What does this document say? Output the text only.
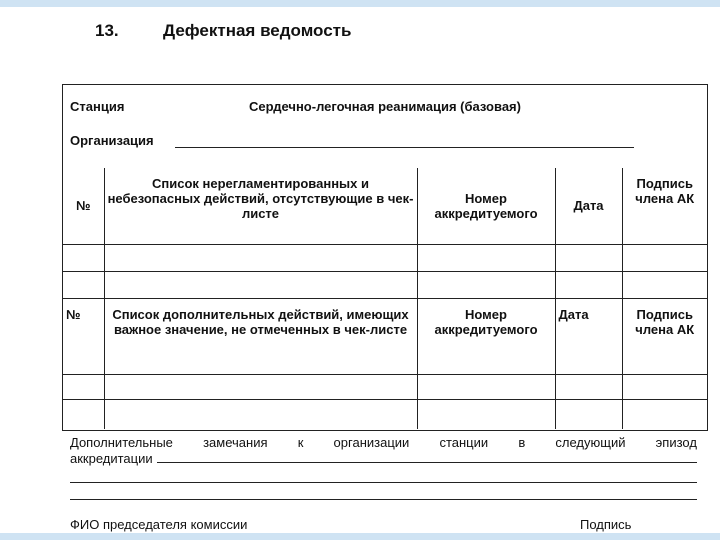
13.	Дефектная ведомость
Станция	Сердечно-легочная реанимация (базовая)
Организация
№	Список нерегламентированных и небезопасных действий, отсутствующие в чек-листе	Номер аккредитуемого	Дата	Подпись члена АК

№	Список дополнительных действий, имеющих важное значение, не отмеченных в чек-листе	Номер аккредитуемого	Дата	Подпись члена АК

Дополнительные замечания к организации станции в следующий эпизод
аккредитации
ФИО председателя комиссии	Подпись
